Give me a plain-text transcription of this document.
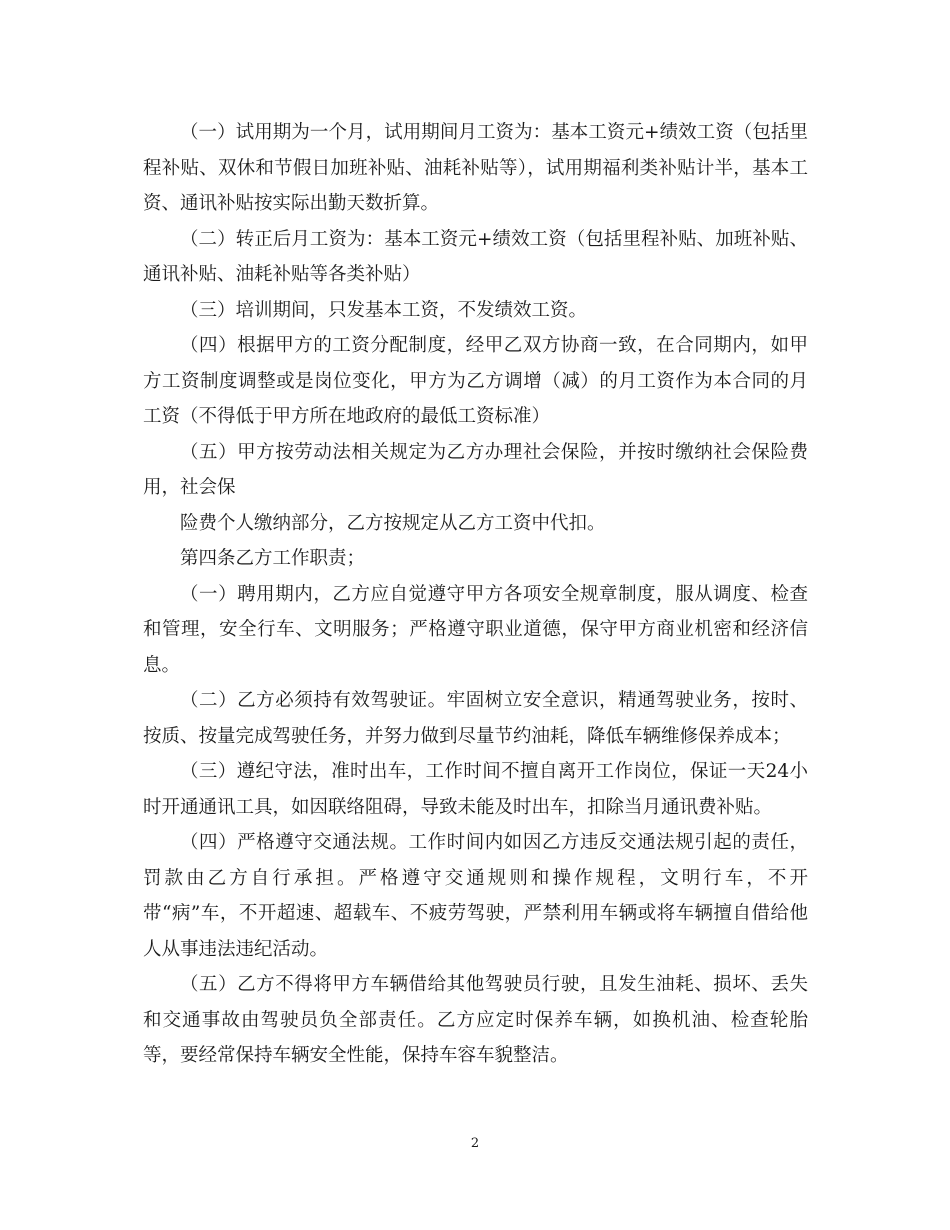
（一）试用期为一个月，试用期间月工资为：基本工资元+绩效工资（包括里程补贴、双休和节假日加班补贴、油耗补贴等），试用期福利类补贴计半，基本工资、通讯补贴按实际出勤天数折算。

（二）转正后月工资为：基本工资元+绩效工资（包括里程补贴、加班补贴、通讯补贴、油耗补贴等各类补贴）

（三）培训期间，只发基本工资，不发绩效工资。

（四）根据甲方的工资分配制度，经甲乙双方协商一致，在合同期内，如甲方工资制度调整或是岗位变化，甲方为乙方调增（减）的月工资作为本合同的月工资（不得低于甲方所在地政府的最低工资标准）

（五）甲方按劳动法相关规定为乙方办理社会保险，并按时缴纳社会保险费用，社会保

险费个人缴纳部分，乙方按规定从乙方工资中代扣。

第四条乙方工作职责；

（一）聘用期内，乙方应自觉遵守甲方各项安全规章制度，服从调度、检查和管理，安全行车、文明服务；严格遵守职业道德，保守甲方商业机密和经济信息。

（二）乙方必须持有效驾驶证。牢固树立安全意识，精通驾驶业务，按时、按质、按量完成驾驶任务，并努力做到尽量节约油耗，降低车辆维修保养成本；

（三）遵纪守法，准时出车，工作时间不擅自离开工作岗位，保证一天24小时开通通讯工具，如因联络阻碍，导致未能及时出车，扣除当月通讯费补贴。

（四）严格遵守交通法规。工作时间内如因乙方违反交通法规引起的责任，罚款由乙方自行承担。严格遵守交通规则和操作规程，文明行车，不开带“病”车，不开超速、超载车、不疲劳驾驶，严禁利用车辆或将车辆擅自借给他人从事违法违纪活动。

（五）乙方不得将甲方车辆借给其他驾驶员行驶，且发生油耗、损坏、丢失和交通事故由驾驶员负全部责任。乙方应定时保养车辆，如换机油、检查轮胎等，要经常保持车辆安全性能，保持车容车貌整洁。

2
